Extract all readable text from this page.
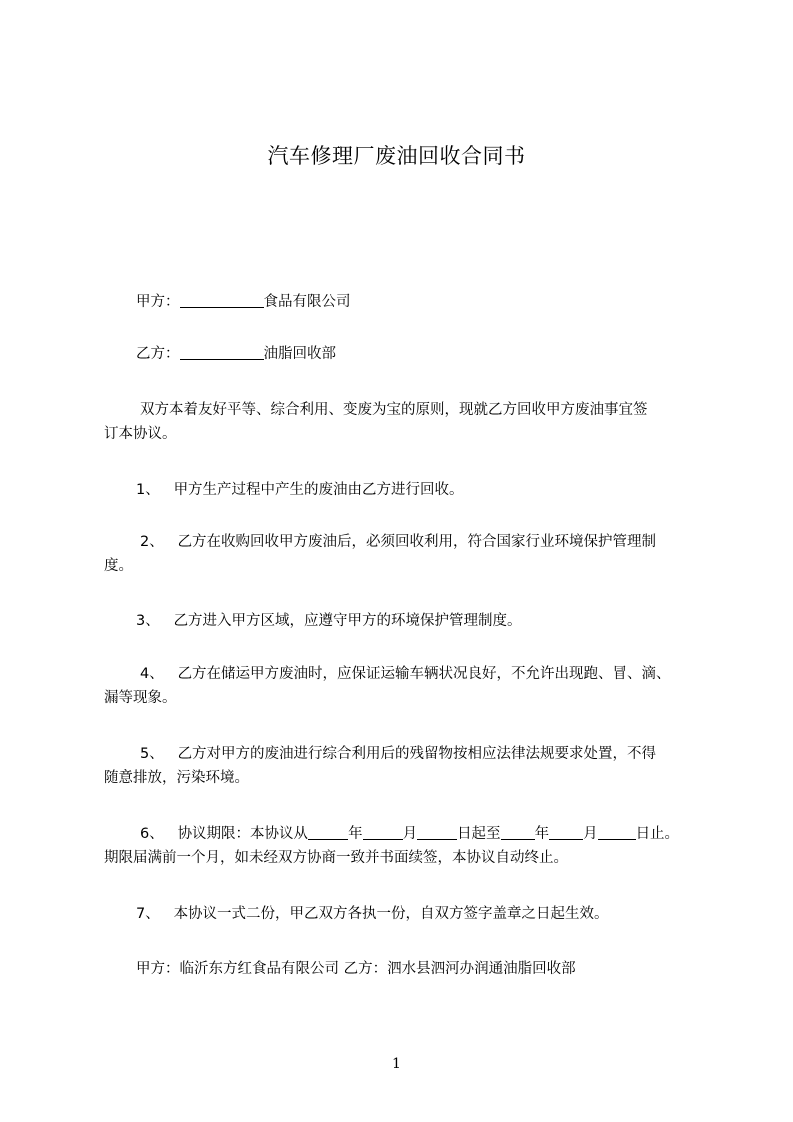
汽车修理厂废油回收合同书

甲方：	食品有限公司

乙方：	油脂回收部

双方本着友好平等、综合利用、变废为宝的原则，现就乙方回收甲方废油事宜签
订本协议。

1、 甲方生产过程中产生的废油由乙方进行回收。

2、 乙方在收购回收甲方废油后，必须回收利用，符合国家行业环境保护管理制
度。

3、 乙方进入甲方区域，应遵守甲方的环境保护管理制度。

4、 乙方在储运甲方废油时，应保证运输车辆状况良好，不允许出现跑、冒、滴、
漏等现象。
5、 乙方对甲方的废油进行综合利用后的残留物按相应法律法规要求处置，不得
随意排放，污染环境。
6、 协议期限：本协议从	年	月	日起至 年 月	日止。
期限届满前一个月，如未经双方协商一致并书面续签，本协议自动终止。

7、 本协议一式二份，甲乙双方各执一份，自双方签字盖章之日起生效。

甲方：临沂东方红食品有限公司 乙方：泗水县泗河办润通油脂回收部

1
